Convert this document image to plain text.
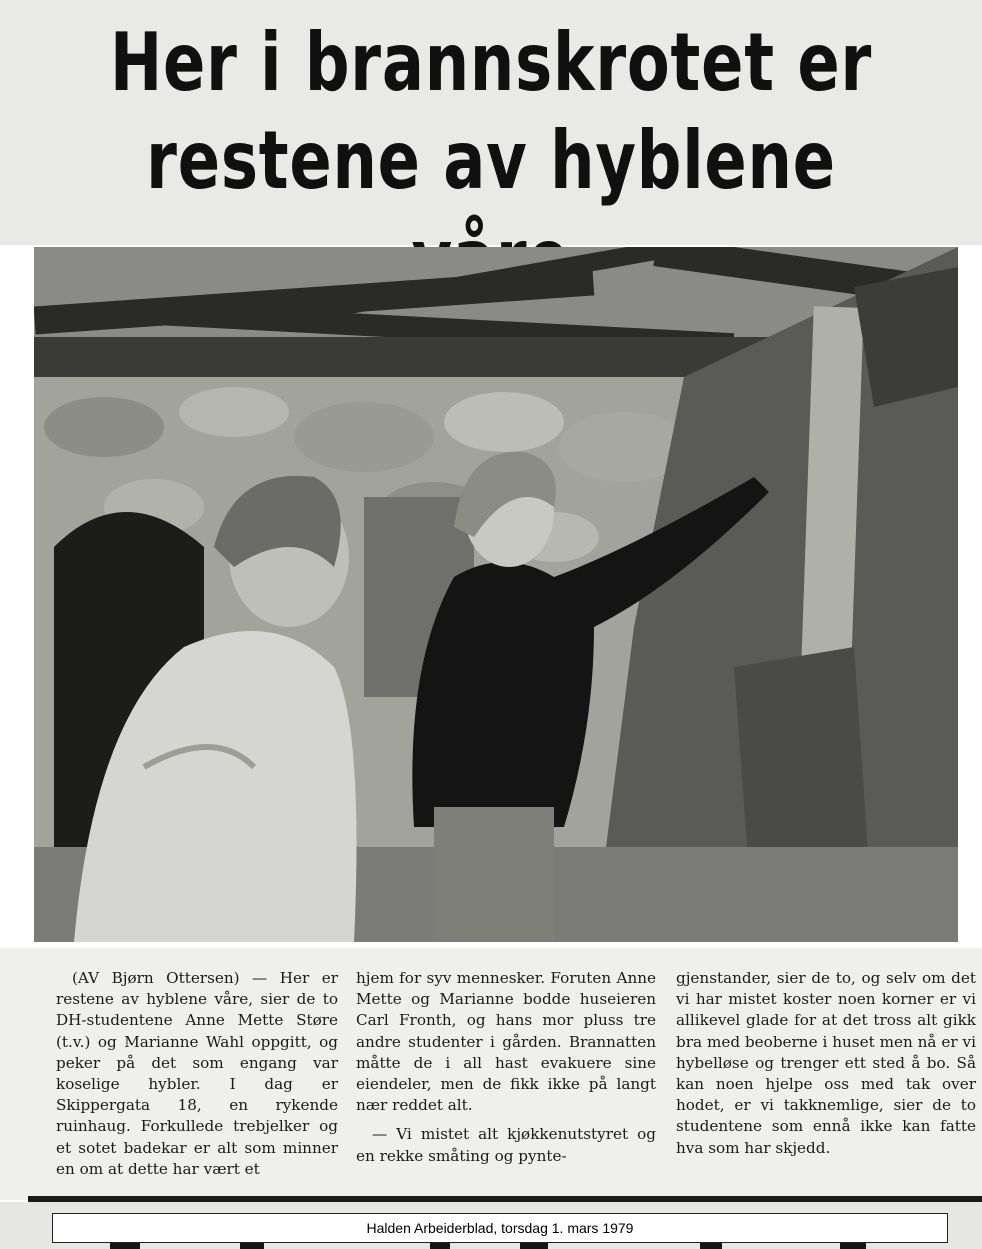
Her i brannskrotet er
restene av hyblene

(AV Bjørn Ottersen) — Her er restene av hyblene våre, sier de to DH-studentene Anne Mette Støre (t.v.) og Marianne Wahl oppgitt, og peker på det som engang var koselige hybler. I dag er Skippergata 18, en rykende ruinhaug. Forkullede trebjelker og et sotet badekar er alt som minner en om at dette har vært et

hjem for syv mennesker. Foruten Anne Mette og Marianne bodde huseieren Carl Fronth, og hans mor pluss tre andre studenter i gården. Brannatten måtte de i all hast evakuere sine eiendeler, men de fikk ikke på langt nær reddet alt.

— Vi mistet alt kjøkkenutstyret og en rekke småting og pynte-

gjenstander, sier de to, og selv om det vi har mistet koster noen korner er vi allikevel glade for at det tross alt gikk bra med beoberne i huset men nå er vi hybelløse og trenger ett sted å bo. Så kan noen hjelpe oss med tak over hodet, er vi takknemlige, sier de to studentene som ennå ikke kan fatte hva som har skjedd.

Halden Arbeiderblad, torsdag 1. mars 1979
